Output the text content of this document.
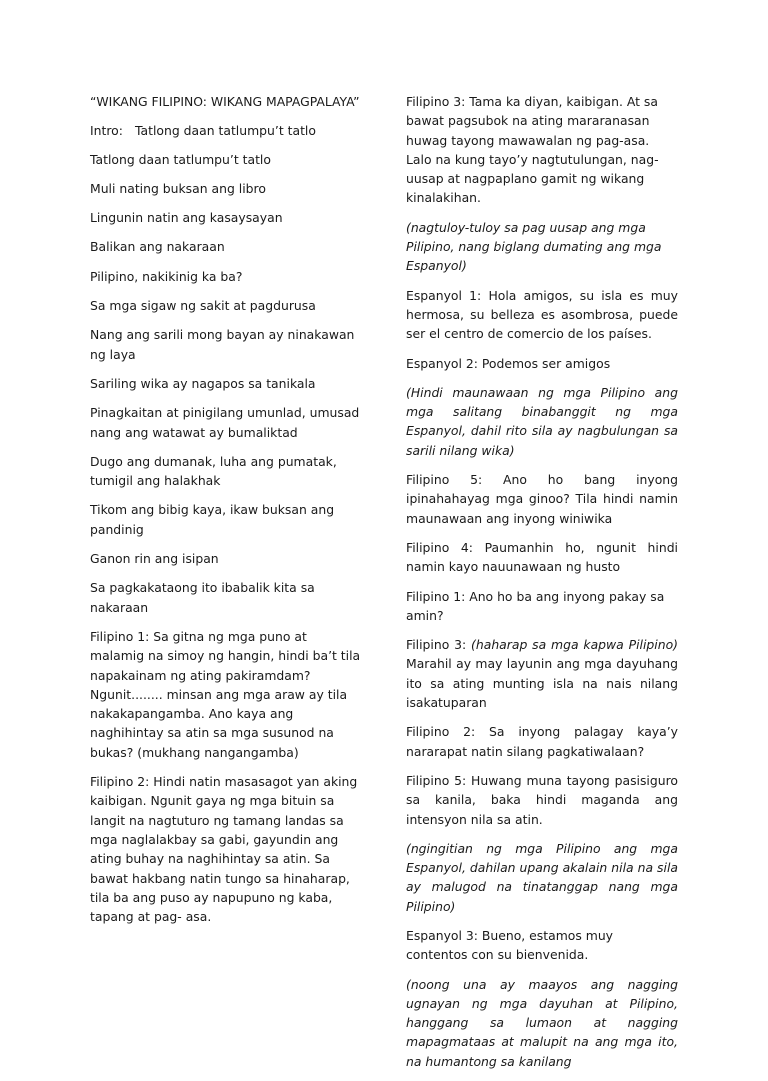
“WIKANG FILIPINO: WIKANG MAPAGPALAYA”

Intro: Tatlong daan tatlumpu’t tatlo

Tatlong daan tatlumpu’t tatlo

Muli nating buksan ang libro

Lingunin natin ang kasaysayan

Balikan ang nakaraan

Pilipino, nakikinig ka ba?

Sa mga sigaw ng sakit at pagdurusa

Nang ang sarili mong bayan ay ninakawan ng laya

Sariling wika ay nagapos sa tanikala

Pinagkaitan at pinigilang umunlad, umusad nang ang watawat ay bumaliktad

Dugo ang dumanak, luha ang pumatak, tumigil ang halakhak

Tikom ang bibig kaya, ikaw buksan ang pandinig

Ganon rin ang isipan

Sa pagkakataong ito ibabalik kita sa nakaraan

Filipino 1: Sa gitna ng mga puno at malamig na simoy ng hangin, hindi ba’t tila napakainam ng ating pakiramdam? Ngunit........ minsan ang mga araw ay tila nakakapangamba. Ano kaya ang naghihintay sa atin sa mga susunod na bukas? (mukhang nangangamba)

Filipino 2: Hindi natin masasagot yan aking kaibigan. Ngunit gaya ng mga bituin sa langit na nagtuturo ng tamang landas sa mga naglalakbay sa gabi, gayundin ang ating buhay na naghihintay sa atin. Sa bawat hakbang natin tungo sa hinaharap, tila ba ang puso ay napupuno ng kaba, tapang at pag- asa.

Filipino 3: Tama ka diyan, kaibigan. At sa bawat pagsubok na ating mararanasan huwag tayong mawawalan ng pag-asa. Lalo na kung tayo’y nagtutulungan, nag-uusap at nagpaplano gamit ng wikang kinalakihan.

(nagtuloy-tuloy sa pag uusap ang mga Pilipino, nang biglang dumating ang mga Espanyol)

Espanyol 1: Hola amigos, su isla es muy hermosa, su belleza es asombrosa, puede ser el centro de comercio de los países.

Espanyol 2: Podemos ser amigos

(Hindi maunawaan ng mga Pilipino ang mga salitang binabanggit ng mga Espanyol, dahil rito sila ay nagbulungan sa sarili nilang wika)

Filipino 5: Ano ho bang inyong ipinahahayag mga ginoo? Tila hindi namin maunawaan ang inyong winiwika

Filipino 4: Paumanhin ho, ngunit hindi namin kayo nauunawaan ng husto

Filipino 1: Ano ho ba ang inyong pakay sa amin?

Filipino 3: (haharap sa mga kapwa Pilipino) Marahil ay may layunin ang mga dayuhang ito sa ating munting isla na nais nilang isakatuparan

Filipino 2: Sa inyong palagay kaya’y nararapat natin silang pagkatiwalaan?

Filipino 5: Huwang muna tayong pasisiguro sa kanila, baka hindi maganda ang intensyon nila sa atin.

(ngingitian ng mga Pilipino ang mga Espanyol, dahilan upang akalain nila na sila ay malugod na tinatanggap nang mga Pilipino)

Espanyol 3: Bueno, estamos muy contentos con su bienvenida.

(noong una ay maayos ang nagging ugnayan ng mga dayuhan at Pilipino, hanggang sa lumaon at nagging mapagmataas at malupit na ang mga ito, na humantong sa kanilang
